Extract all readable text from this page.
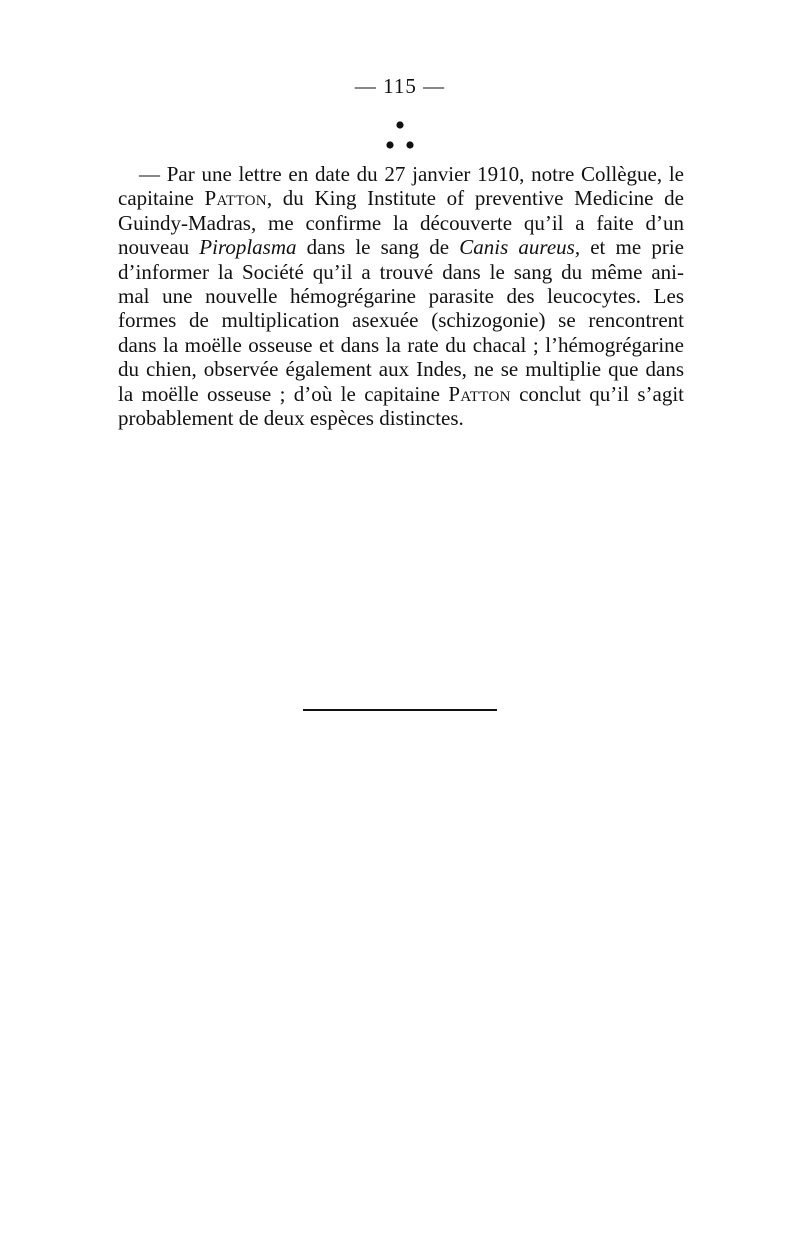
— 115 —
— Par une lettre en date du 27 janvier 1910, notre Collègue, le
capitaine Patton, du King Institute of preventive Medicine de
Guindy-Madras, me confirme la découverte qu’il a faite d’un
nouveau Piroplasma dans le sang de Canis aureus, et me prie
d’informer la Société qu’il a trouvé dans le sang du même ani-
mal une nouvelle hémogrégarine parasite des leucocytes. Les
formes de multiplication asexuée (schizogonie) se rencontrent
dans la moëlle osseuse et dans la rate du chacal ; l’hémogrégarine
du chien, observée également aux Indes, ne se multiplie que dans
la moëlle osseuse ; d’où le capitaine Patton conclut qu’il s’agit
probablement de deux espèces distinctes.
